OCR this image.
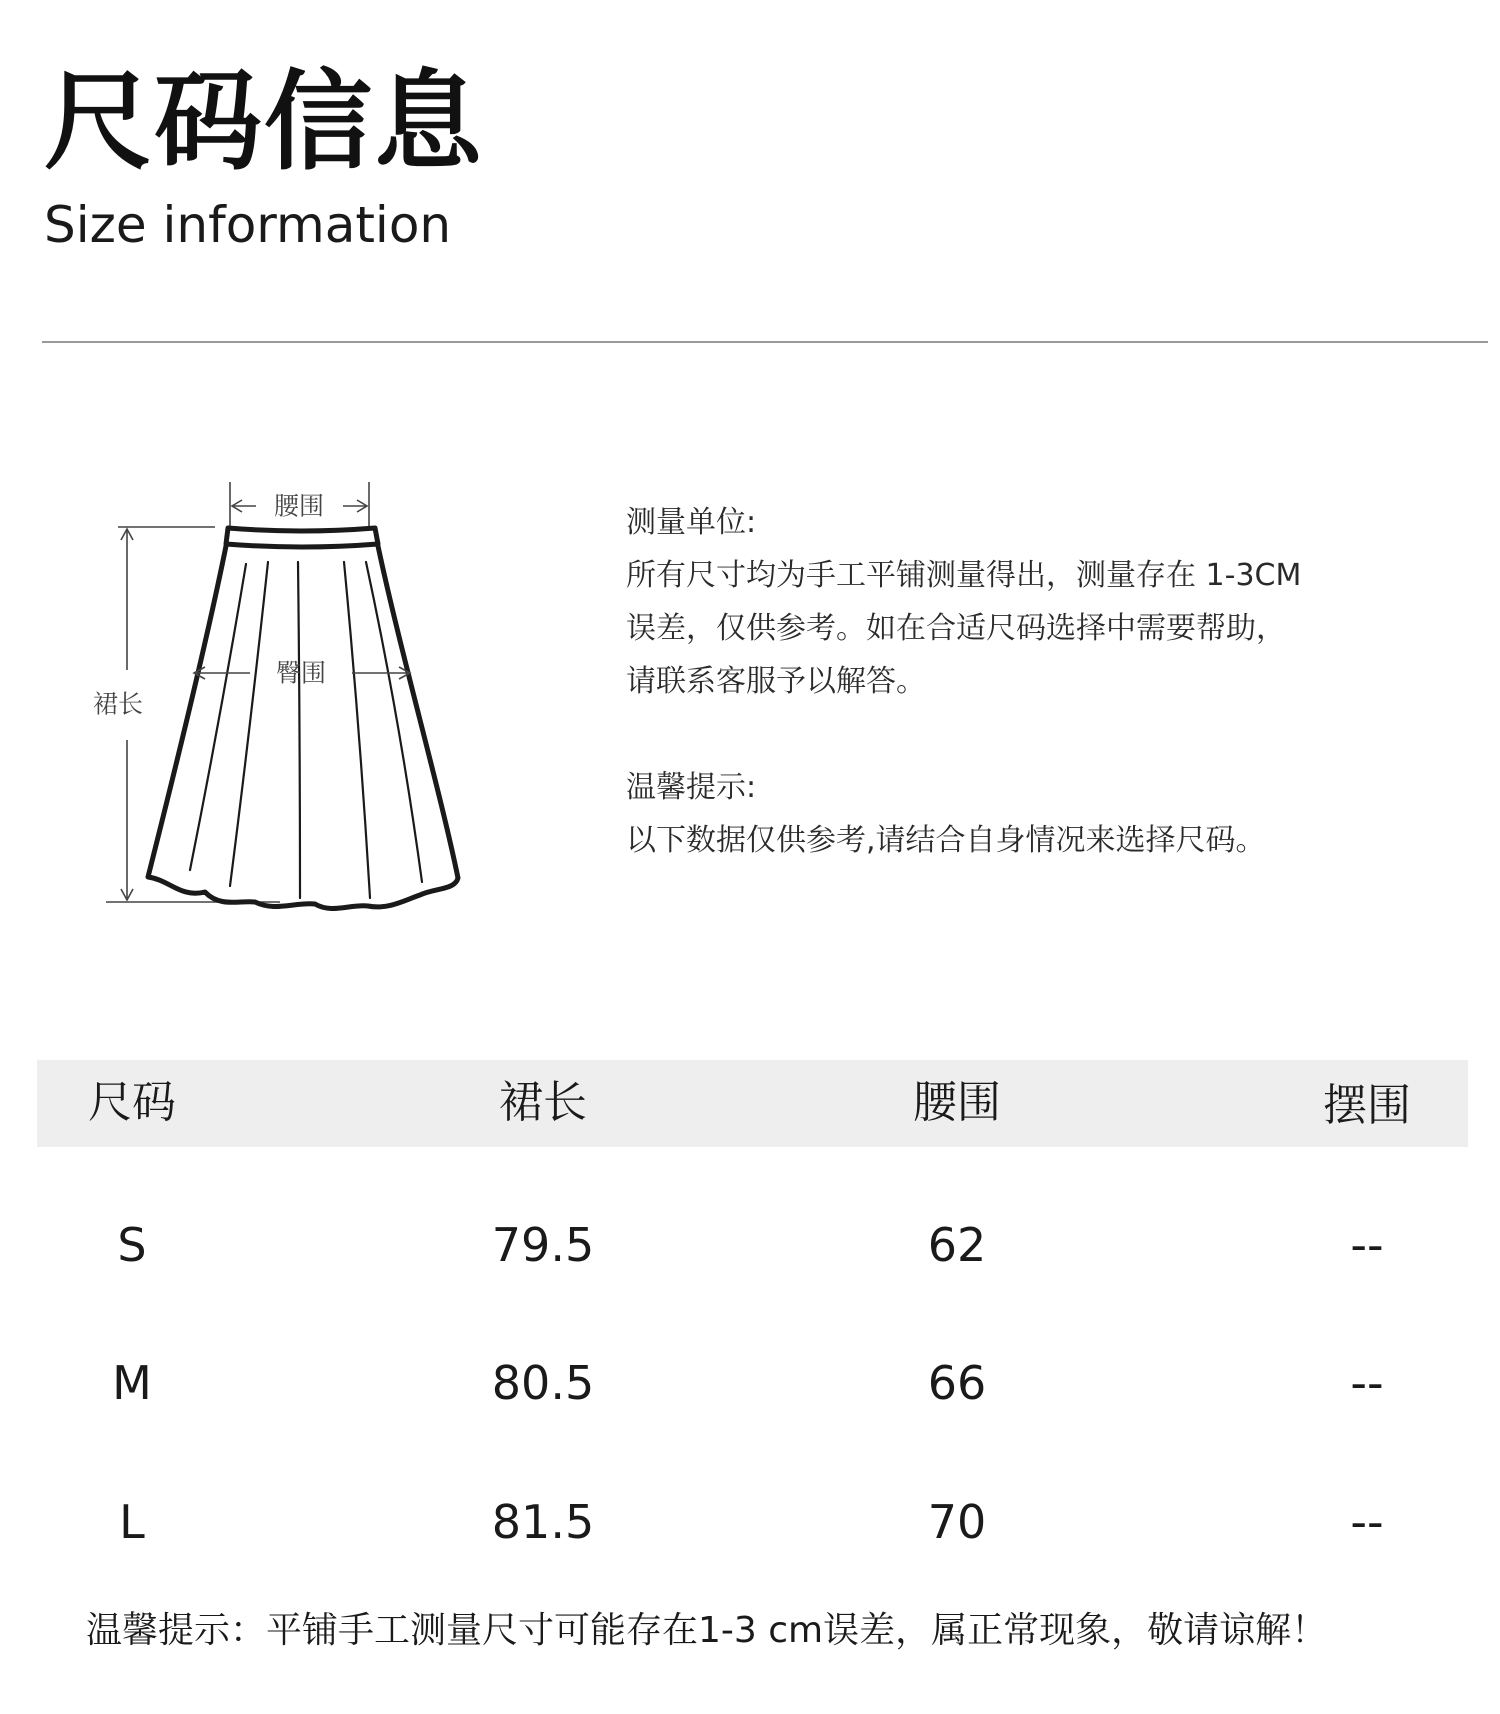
尺码信息
Size information
腰围
裙长
臀围

测量单位:

所有尺寸均为手工平铺测量得出，测量存在 1-3CM

误差，仅供参考。如在合适尺码选择中需要帮助，

请联系客服予以解答。

温馨提示:

以下数据仅供参考,请结合自身情况来选择尺码。

尺码	裙长	腰围	摆围
S	79.5	62	--
M	80.5	66	--
L	81.5	70	--
温馨提示：平铺手工测量尺寸可能存在1-3 cm误差，属正常现象，敬请谅解！
